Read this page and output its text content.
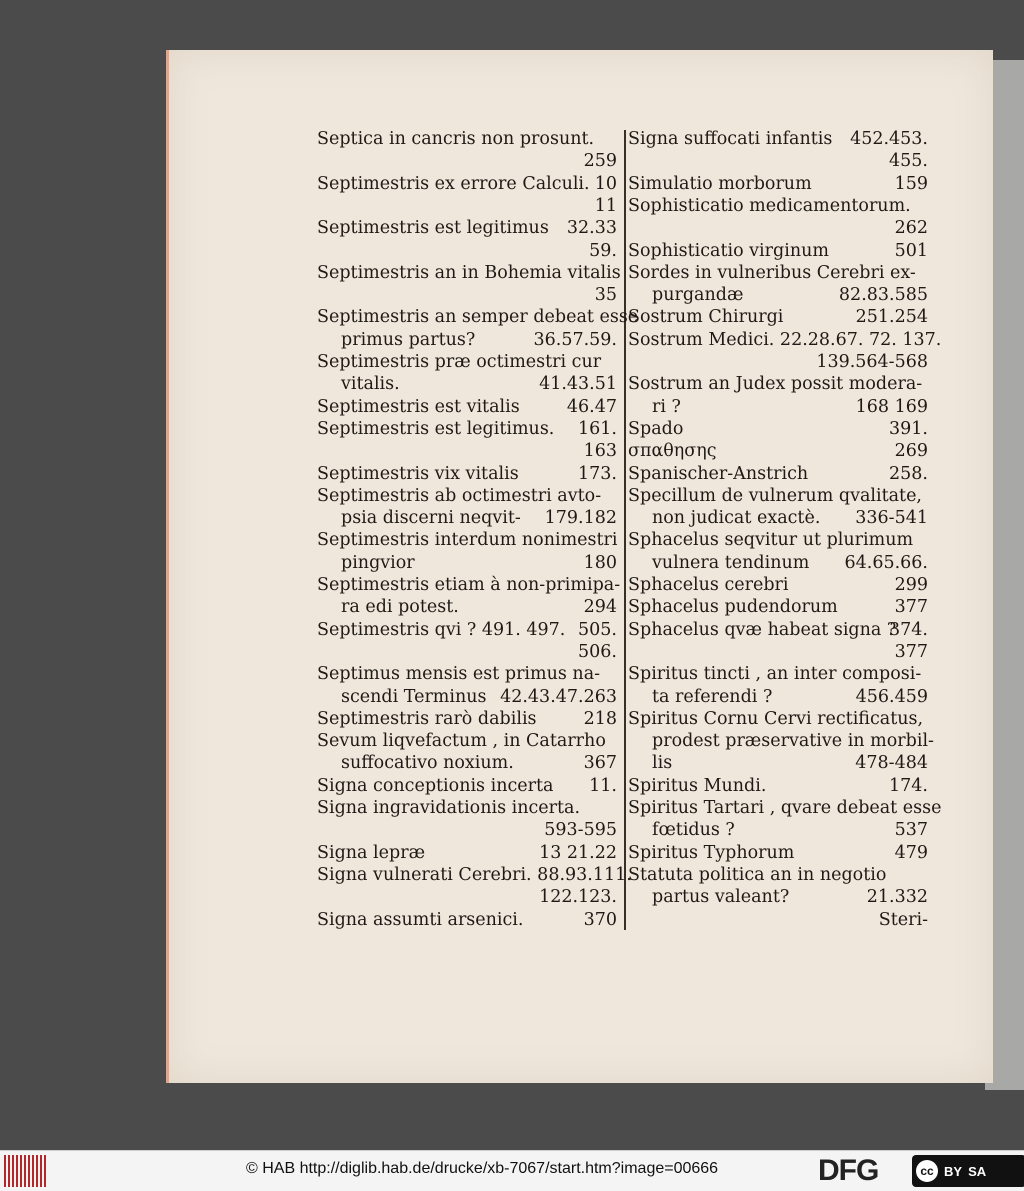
Septica in cancris non prosunt.
259
Septimestris ex errore Calculi. 10
11
Septimestris est legitimus 32.33
59.
Septimestris an in Bohemia vitalis
35
Septimestris an semper debeat esse
primus partus?	36.57.59.
Septimestris præ octimestri cur
vitalis.	41.43.51
Septimestris est vitalis	46.47
Septimestris est legitimus. 161.
163
Septimestris vix vitalis	173.
Septimestris ab octimestri avto-
psia discerni neqvit- 179.182
Septimestris interdum nonimestri
pingvior	180
Septimestris etiam à non-primipa-
ra edi potest.	294
Septimestris qvi ? 491. 497. 505.
506.
Septimus mensis est primus na-
scendi Terminus 42.43.47.263
Septimestris rarò dabilis	218
Sevum liqvefactum , in Catarrho
suffocativo noxium.	367
Signa conceptionis incerta 11.
Signa ingravidationis incerta.
593-595
Signa lepræ	13 21.22
Signa vulnerati Cerebri. 88.93.111.
122.123.
Signa assumti arsenici.	370
Signa suffocati infantis 452.453.
455.
Simulatio morborum	159
Sophisticatio medicamentorum.
262
Sophisticatio virginum	501
Sordes in vulneribus Cerebri ex-
purgandæ	82.83.585
Sostrum Chirurgi	251.254
Sostrum Medici. 22.28.67. 72. 137.
139.564-568
Sostrum an Judex possit modera-
ri ?	168 169
Spado	391.
σπαθησης	269
Spanischer-Anstrich	258.
Specillum de vulnerum qvalitate,
non judicat exactè. 336-541
Sphacelus seqvitur ut plurimum
vulnera tendinum 64.65.66.
Sphacelus cerebri	299
Sphacelus pudendorum	377
Sphacelus qvæ habeat signa ?
374.
377
Spiritus tincti , an inter composi-
ta referendi ?	456.459
Spiritus Cornu Cervi rectificatus,
prodest præservative in morbil-
lis	478-484
Spiritus Mundi.	174.
Spiritus Tartari , qvare debeat esse
fœtidus ?	537
Spiritus Typhorum	479
Statuta politica an in negotio
partus valeant?	21.332
Steri-
© HAB http://diglib.hab.de/drucke/xb-7067/start.htm?image=00666	DFG	cc BY SA
